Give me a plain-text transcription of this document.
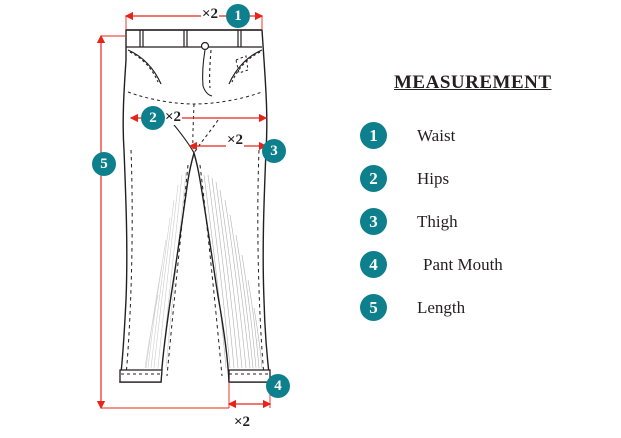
1
2
3
4
5
×2
×2
×2
×2
MEASUREMENT
1	Waist
2	Hips
3	Thigh
4	Pant Mouth
5	Length
